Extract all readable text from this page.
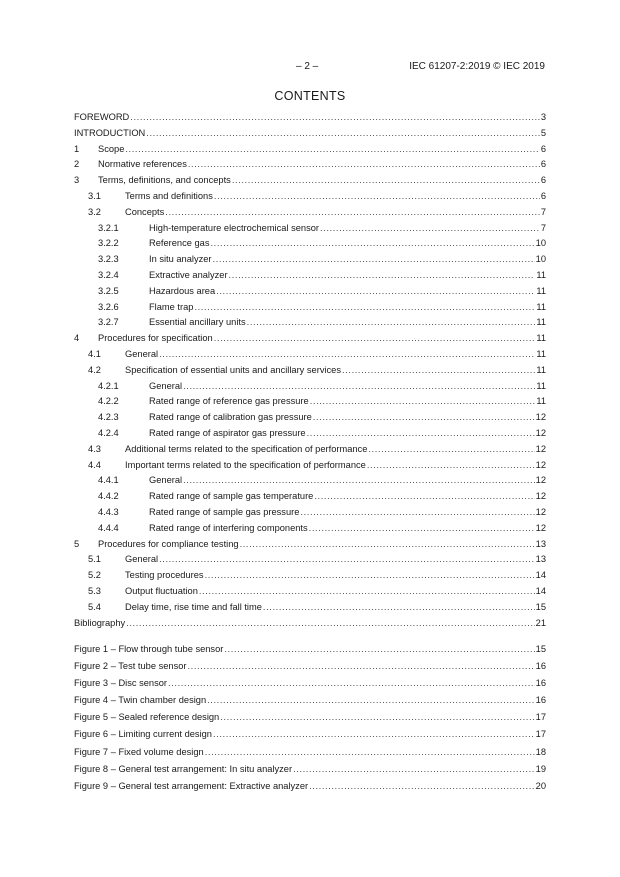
– 2 –	IEC 61207-2:2019 © IEC 2019
CONTENTS
FOREWORD .....	3
INTRODUCTION .....	5
1	Scope .....	6
2	Normative references .....	6
3	Terms, definitions, and concepts .....	6
3.1	Terms and definitions .....	6
3.2	Concepts .....	7
3.2.1	High-temperature electrochemical sensor .....	7
3.2.2	Reference gas .....	10
3.2.3	In situ analyzer .....	10
3.2.4	Extractive analyzer .....	11
3.2.5	Hazardous area .....	11
3.2.6	Flame trap .....	11
3.2.7	Essential ancillary units .....	11
4	Procedures for specification .....	11
4.1	General .....	11
4.2	Specification of essential units and ancillary services .....	11
4.2.1	General .....	11
4.2.2	Rated range of reference gas pressure .....	11
4.2.3	Rated range of calibration gas pressure .....	12
4.2.4	Rated range of aspirator gas pressure .....	12
4.3	Additional terms related to the specification of performance .....	12
4.4	Important terms related to the specification of performance .....	12
4.4.1	General .....	12
4.4.2	Rated range of sample gas temperature .....	12
4.4.3	Rated range of sample gas pressure .....	12
4.4.4	Rated range of interfering components .....	12
5	Procedures for compliance testing .....	13
5.1	General .....	13
5.2	Testing procedures .....	14
5.3	Output fluctuation .....	14
5.4	Delay time, rise time and fall time .....	15
Bibliography .....	21
Figure 1 – Flow through tube sensor .....	15
Figure 2 – Test tube sensor .....	16
Figure 3 – Disc sensor .....	16
Figure 4 – Twin chamber design .....	16
Figure 5 – Sealed reference design .....	17
Figure 6 – Limiting current design .....	17
Figure 7 – Fixed volume design .....	18
Figure 8 – General test arrangement: In situ analyzer .....	19
Figure 9 – General test arrangement: Extractive analyzer .....	20
